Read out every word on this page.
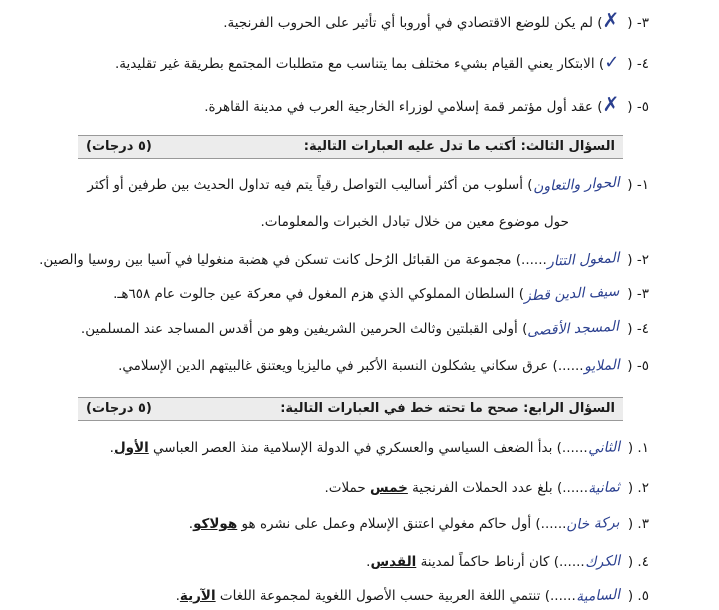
٣- (✗) لم يكن للوضع الاقتصادي في أوروبا أي تأثير على الحروب الفرنجية.
٤- (✓) الابتكار يعني القيام بشيء مختلف بما يتناسب مع متطلبات المجتمع بطريقة غير تقليدية.
٥- (✗) عقد أول مؤتمر قمة إسلامي لوزراء الخارجية العرب في مدينة القاهرة.
السؤال الثالث: أكتب ما تدل عليه العبارات التالية:
(٥ درجات)
١- (الحوار والتعاون) أسلوب من أكثر أساليب التواصل رقياً يتم فيه تداول الحديث بين طرفين أو أكثر
حول موضوع معين من خلال تبادل الخبرات والمعلومات.
٢- (المغول التتار......) مجموعة من القبائل الرُحل كانت تسكن في هضبة منغوليا في آسيا بين روسيا والصين.
٣- (سيف الدين قطز) السلطان المملوكي الذي هزم المغول في معركة عين جالوت عام ٦٥٨هـ.
٤- (المسجد الأقصى) أولى القبلتين وثالث الحرمين الشريفين وهو من أقدس المساجد عند المسلمين.
٥- (الملايو......) عرق سكاني يشكلون النسبة الأكبر في ماليزيا ويعتنق غالبيتهم الدين الإسلامي.
السؤال الرابع: صحح ما تحته خط في العبارات التالية:
(٥ درجات)
١. (الثاني......) بدأ الضعف السياسي والعسكري في الدولة الإسلامية منذ العصر العباسي الأول.
٢. (ثمانية......) بلغ عدد الحملات الفرنجية خمس حملات.
٣. (بركة خان......) أول حاكم مغولي اعتنق الإسلام وعمل على نشره هو هولاكو.
٤. (الكرك......) كان أرناط حاكماً لمدينة القدس.
٥. (السامية......) تنتمي اللغة العربية حسب الأصول اللغوية لمجموعة اللغات الآرية.
